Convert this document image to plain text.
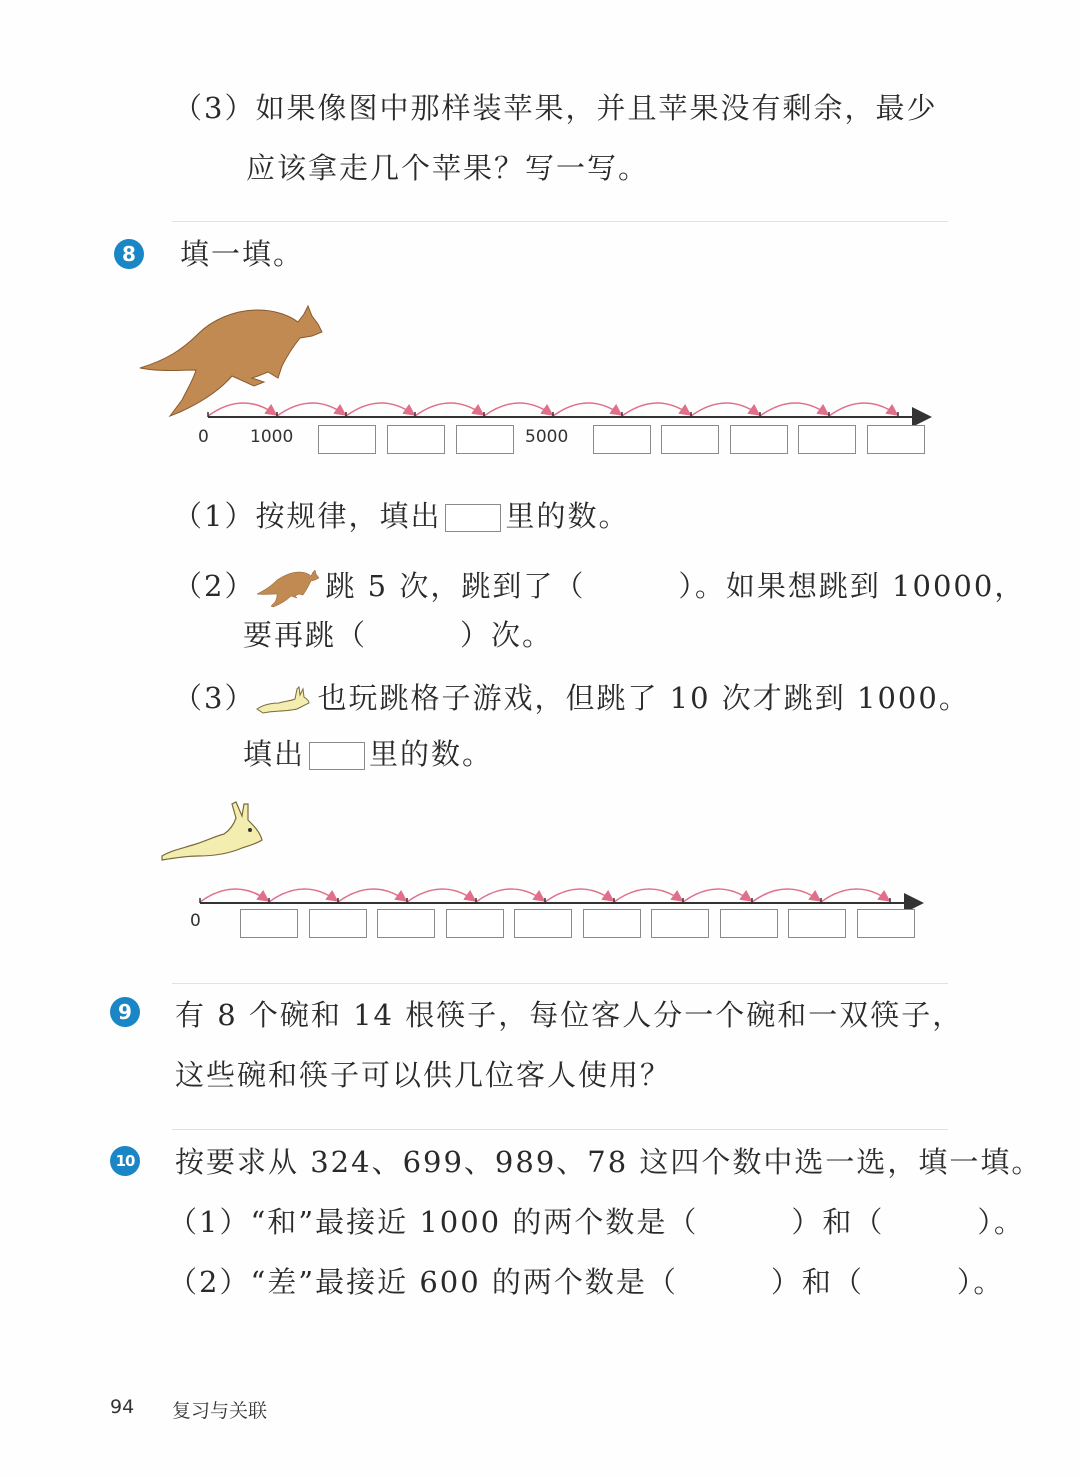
（3）如果像图中那样装苹果，并且苹果没有剩余，最少
应该拿走几个苹果？写一写。
8 填一填。
0 1000	5000
（1）按规律，填出 里的数。
（2） 跳 5 次，跳到了（　　　）。如果想跳到 10000，
要再跳（　　　）次。
（3） 也玩跳格子游戏，但跳了 10 次才跳到 1000。
填出 里的数。
0
9 有 8 个碗和 14 根筷子，每位客人分一个碗和一双筷子，
这些碗和筷子可以供几位客人使用？
10 按要求从 324、699、989、78 这四个数中选一选，填一填。
（1）“和”最接近 1000 的两个数是（　　　）和（　　　）。
（2）“差”最接近 600 的两个数是（　　　）和（　　　）。
94 复习与关联
